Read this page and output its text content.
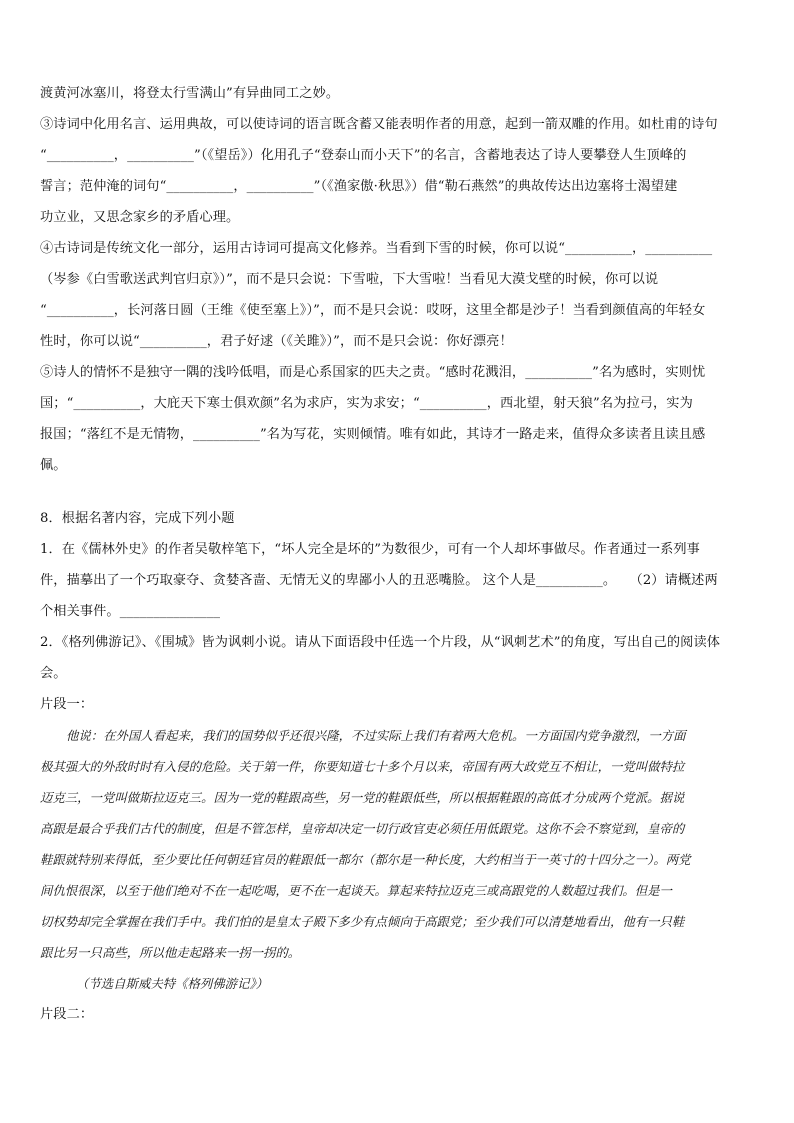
渡黄河冰塞川，将登太行雪满山”有异曲同工之妙。
③诗词中化用名言、运用典故，可以使诗词的语言既含蓄又能表明作者的用意，起到一箭双雕的作用。如杜甫的诗句
“__________，__________”（《望岳》）化用孔子“登泰山而小天下”的名言，含蓄地表达了诗人要攀登人生顶峰的
誓言；范仲淹的词句“__________，__________”（《渔家傲·秋思》）借“勒石燕然”的典故传达出边塞将士渴望建
功立业，又思念家乡的矛盾心理。
④古诗词是传统文化一部分，运用古诗词可提高文化修养。当看到下雪的时候，你可以说“__________，__________
（岑参《白雪歌送武判官归京》）”，而不是只会说：下雪啦，下大雪啦！当看见大漠戈壁的时候，你可以说
“__________，长河落日圆（王维《使至塞上》）”，而不是只会说：哎呀，这里全都是沙子！当看到颜值高的年轻女
性时，你可以说“__________，君子好逑（《关雎》）”，而不是只会说：你好漂亮！
⑤诗人的情怀不是独守一隅的浅吟低唱，而是心系国家的匹夫之责。“感时花溅泪，__________”名为感时，实则忧
国；“__________，大庇天下寒士俱欢颜”名为求庐，实为求安；“__________，西北望，射天狼”名为拉弓，实为
报国；“落红不是无情物，__________”名为写花，实则倾情。唯有如此，其诗才一路走来，值得众多读者且读且感
佩。
8．根据名著内容，完成下列小题
1．在《儒林外史》的作者吴敬梓笔下，“坏人完全是坏的”为数很少，可有一个人却坏事做尽。作者通过一系列事
件，描摹出了一个巧取豪夺、贪婪吝啬、无情无义的卑鄙小人的丑恶嘴脸。 这个人是__________。　　（2）请概述两
个相关事件。_______________
2．《格列佛游记》、《围城》皆为讽刺小说。请从下面语段中任选一个片段，从“讽刺艺术”的角度，写出自己的阅读体
会。
片段一：
他说：在外国人看起来，我们的国势似乎还很兴隆，不过实际上我们有着两大危机。一方面国内党争激烈，一方面
极其强大的外敌时时有入侵的危险。关于第一件，你要知道七十多个月以来，帝国有两大政党互不相让，一党叫做特拉
迈克三，一党叫做斯拉迈克三。因为一党的鞋跟高些，另一党的鞋跟低些，所以根据鞋跟的高低才分成两个党派。据说
高跟是最合乎我们古代的制度，但是不管怎样，皇帝却决定一切行政官吏必须任用低跟党。这你不会不察觉到，皇帝的
鞋跟就特别来得低，至少要比任何朝廷官员的鞋跟低一都尔（都尔是一种长度，大约相当于一英寸的十四分之一）。两党
间仇恨很深，以至于他们绝对不在一起吃喝，更不在一起谈天。算起来特拉迈克三或高跟党的人数超过我们。但是一
切权势却完全掌握在我们手中。我们怕的是皇太子殿下多少有点倾向于高跟党；至少我们可以清楚地看出，他有一只鞋
跟比另一只高些，所以他走起路来一拐一拐的。
（节选自斯威夫特《格列佛游记》）
片段二：
